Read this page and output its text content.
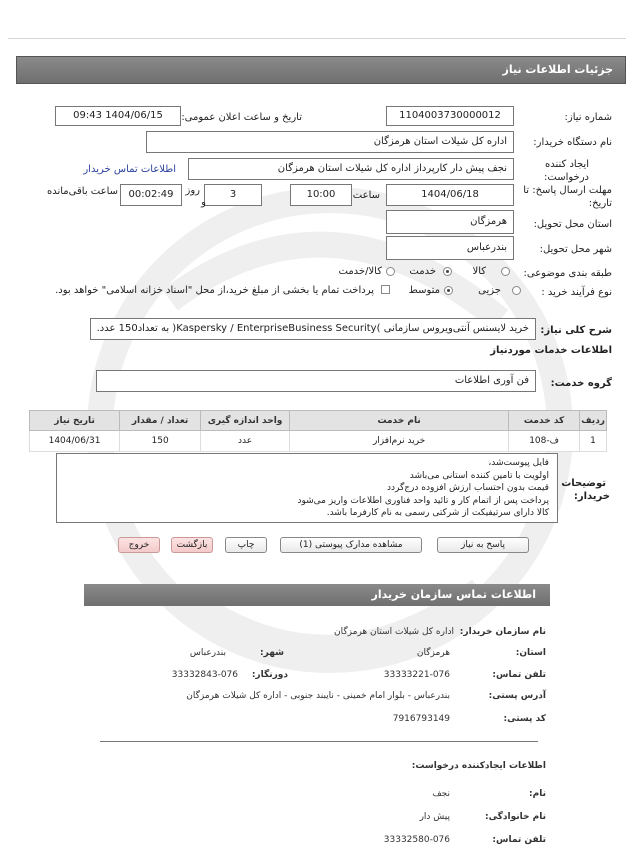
جزئیات اطلاعات نیاز
شماره نیاز:
1104003730000012
تاریخ و ساعت اعلان عمومی:
1404/06/15 09:43
نام دستگاه خریدار:
اداره کل شیلات استان هرمزگان
ایجاد کننده
درخواست:
نجف پیش دار کارپرداز اداره کل شیلات استان هرمزگان
اطلاعات تماس خریدار
مهلت ارسال پاسخ: تا
تاریخ:
1404/06/18
ساعت
10:00
3
روز
و
00:02:49
ساعت باقی‌مانده
استان محل تحویل:
هرمزگان
شهر محل تحویل:
بندرعباس
طبقه بندی موضوعی:
کالا
خدمت
کالا/خدمت
نوع فرآیند خرید :
جزیی
متوسط
پرداخت تمام یا بخشی از مبلغ خرید،از محل "اسناد خزانه اسلامی" خواهد بود.
شرح کلی نیاز:
خرید لایسنس آنتی‌ویروس سازمانی )Kaspersky / EnterpriseBusiness Security( به تعداد150 عدد.
اطلاعات خدمات موردنیاز
گروه خدمت:
فن آوری اطلاعات
ردیف	کد خدمت	نام خدمت	واحد اندازه گیری	تعداد / مقدار	تاریخ نیاز
1	ف-108	خرید نرم‌افزار	عدد	150	1404/06/31
توضیحات
خریدار:
فایل پیوست‌شد،
اولویت با تامین کننده استانی می‌باشد
قیمت بدون احتساب ارزش افزوده درج‌گردد
پرداخت پس از اتمام کار و تائید واحد فناوری اطلاعات واریز می‌شود
کالا دارای سرتیفیکت از شرکتی رسمی به نام کارفرما باشد.
پاسخ به نیاز
مشاهده مدارک پیوستی (1)
چاپ
بازگشت
خروج
اطلاعات تماس سازمان خریدار
نام سازمان خریدار:
اداره کل شیلات استان هرمزگان
استان:
هرمزگان
شهر:
بندرعباس
تلفن تماس:
33333221-076
دورنگار:
33332843-076
آدرس پستی:
بندرعباس - بلوار امام خمینی - نایبند جنوبی - اداره کل شیلات هرمزگان
کد پستی:
7916793149
اطلاعات ایجادکننده درخواست:
نام:
نجف
نام خانوادگی:
پیش دار
تلفن تماس:
33332580-076
